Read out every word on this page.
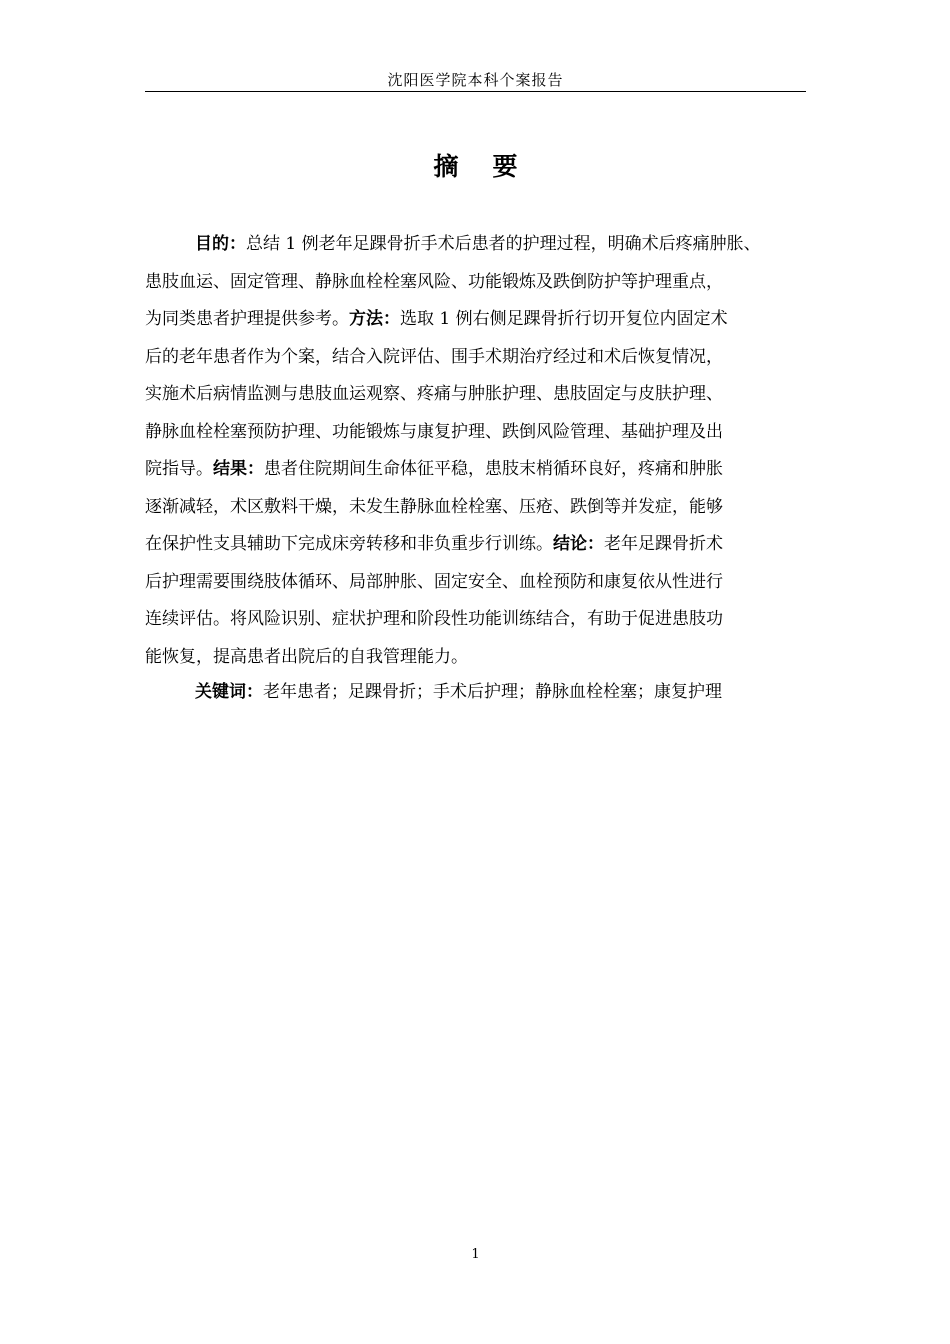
沈阳医学院本科个案报告
摘 要
目的：总结 1 例老年足踝骨折手术后患者的护理过程，明确术后疼痛肿胀、
患肢血运、固定管理、静脉血栓栓塞风险、功能锻炼及跌倒防护等护理重点，
为同类患者护理提供参考。方法：选取 1 例右侧足踝骨折行切开复位内固定术
后的老年患者作为个案，结合入院评估、围手术期治疗经过和术后恢复情况，
实施术后病情监测与患肢血运观察、疼痛与肿胀护理、患肢固定与皮肤护理、
静脉血栓栓塞预防护理、功能锻炼与康复护理、跌倒风险管理、基础护理及出
院指导。结果：患者住院期间生命体征平稳，患肢末梢循环良好，疼痛和肿胀
逐渐减轻，术区敷料干燥，未发生静脉血栓栓塞、压疮、跌倒等并发症，能够
在保护性支具辅助下完成床旁转移和非负重步行训练。结论：老年足踝骨折术
后护理需要围绕肢体循环、局部肿胀、固定安全、血栓预防和康复依从性进行
连续评估。将风险识别、症状护理和阶段性功能训练结合，有助于促进患肢功
能恢复，提高患者出院后的自我管理能力。
关键词：老年患者；足踝骨折；手术后护理；静脉血栓栓塞；康复护理
1
